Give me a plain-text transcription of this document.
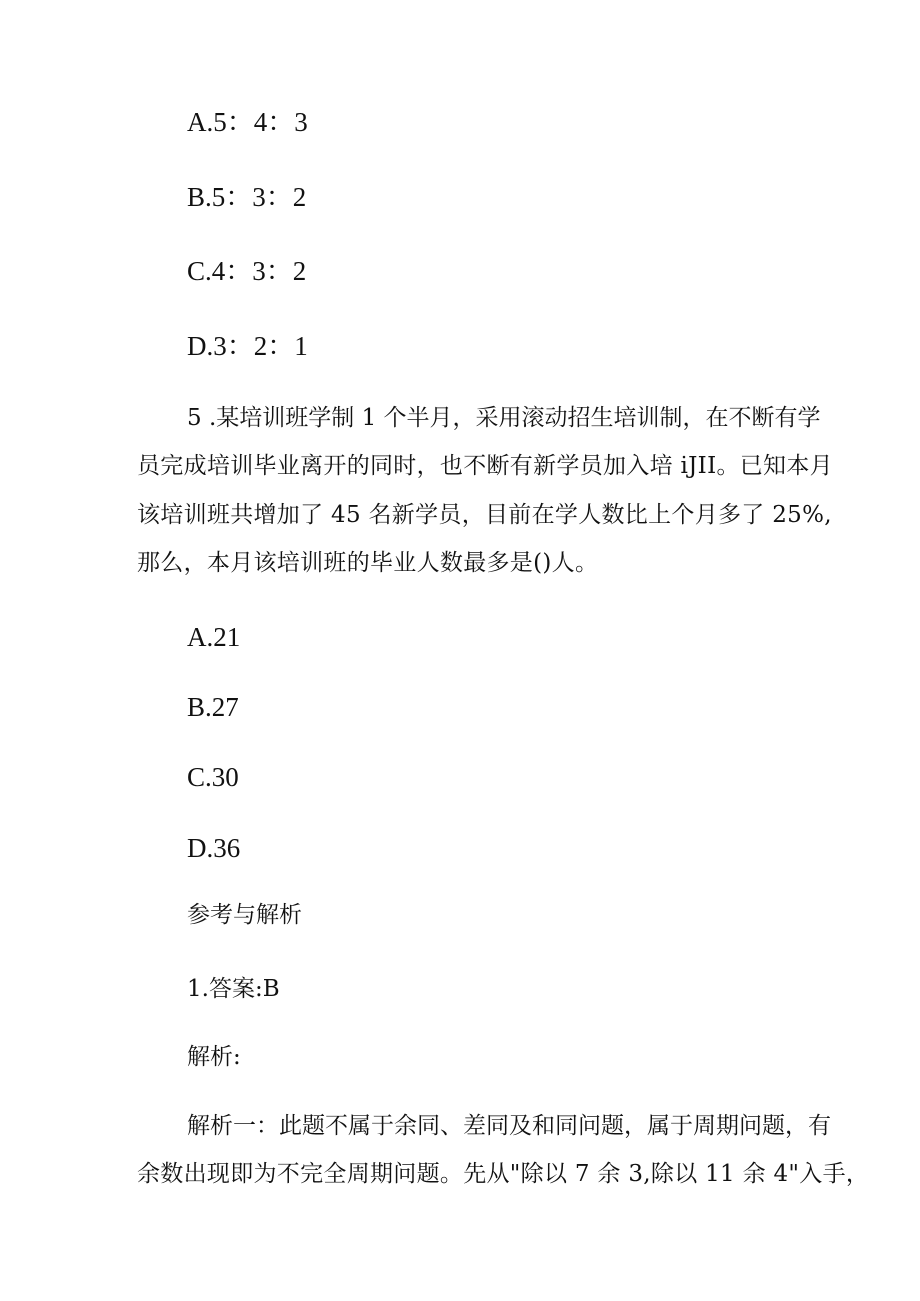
A.5：4：3
B.5：3：2
C.4：3：2
D.3：2：1
5 .某培训班学制 1 个半月，采用滚动招生培训制，在不断有学
员完成培训毕业离开的同时，也不断有新学员加入培 iJII。已知本月
该培训班共增加了 45 名新学员，目前在学人数比上个月多了 25%,
那么，本月该培训班的毕业人数最多是()人。
A.21
B.27
C.30
D.36
参考与解析
1.答案:B
解析:
解析一：此题不属于余同、差同及和同问题，属于周期问题，有
余数出现即为不完全周期问题。先从"除以 7 余 3,除以 11 余 4"入手，
